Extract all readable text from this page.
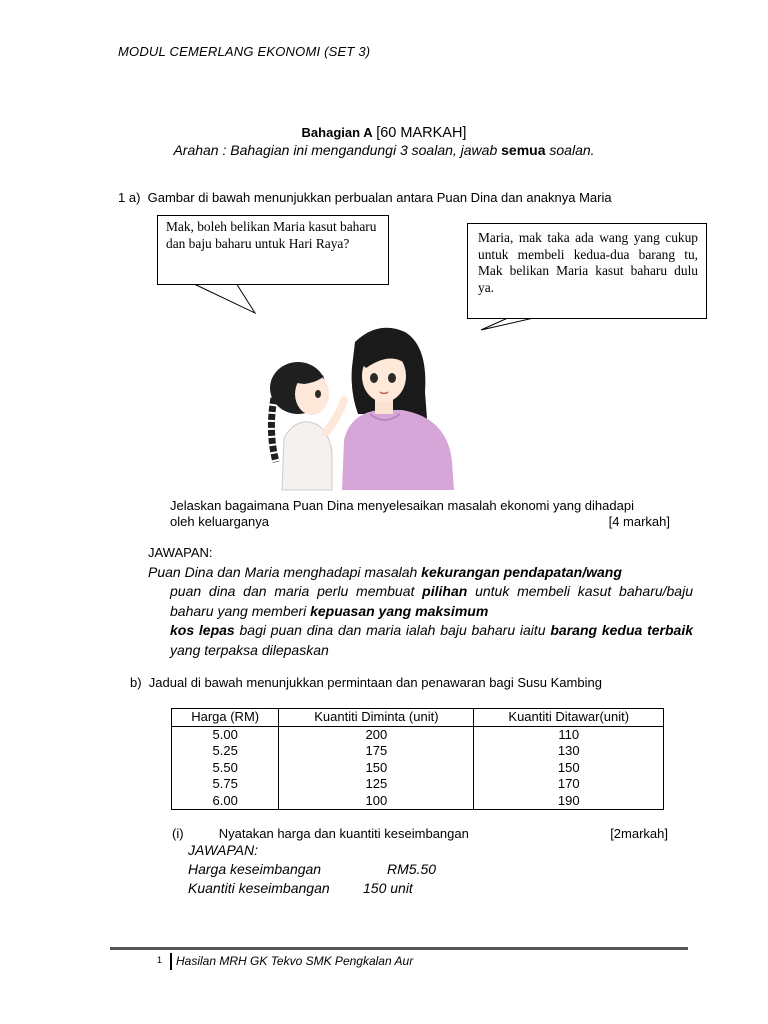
MODUL CEMERLANG EKONOMI (SET 3)
Bahagian A [60 MARKAH]
Arahan : Bahagian ini mengandungi 3 soalan, jawab semua soalan.
1 a) Gambar di bawah menunjukkan perbualan antara Puan Dina dan anaknya Maria
Mak, boleh belikan Maria kasut baharu dan baju baharu untuk Hari Raya?	Maria, mak taka ada wang yang cukup untuk membeli kedua-dua barang tu, Mak belikan Maria kasut baharu dulu ya.
Jelaskan bagaimana Puan Dina menyelesaikan masalah ekonomi yang dihadapi
oleh keluarganya	[4 markah]
JAWAPAN:
Puan Dina dan Maria menghadapi masalah kekurangan pendapatan/wang
puan dina dan maria perlu membuat pilihan untuk membeli kasut baharu/baju baharu yang memberi kepuasan yang maksimum
kos lepas bagi puan dina dan maria ialah baju baharu iaitu barang kedua terbaik yang terpaksa dilepaskan
b) Jadual di bawah menunjukkan permintaan dan penawaran bagi Susu Kambing
Harga (RM)	Kuantiti Diminta (unit)	Kuantiti Ditawar(unit)
5.00	200	110
5.25	175	130
5.50	150	150
5.75	125	170
6.00	100	190
(i)	Nyatakan harga dan kuantiti keseimbangan	[2markah]
JAWAPAN:
Harga keseimbangan	RM5.50
Kuantiti keseimbangan 150 unit
1 Hasilan MRH GK Tekvo SMK Pengkalan Aur
